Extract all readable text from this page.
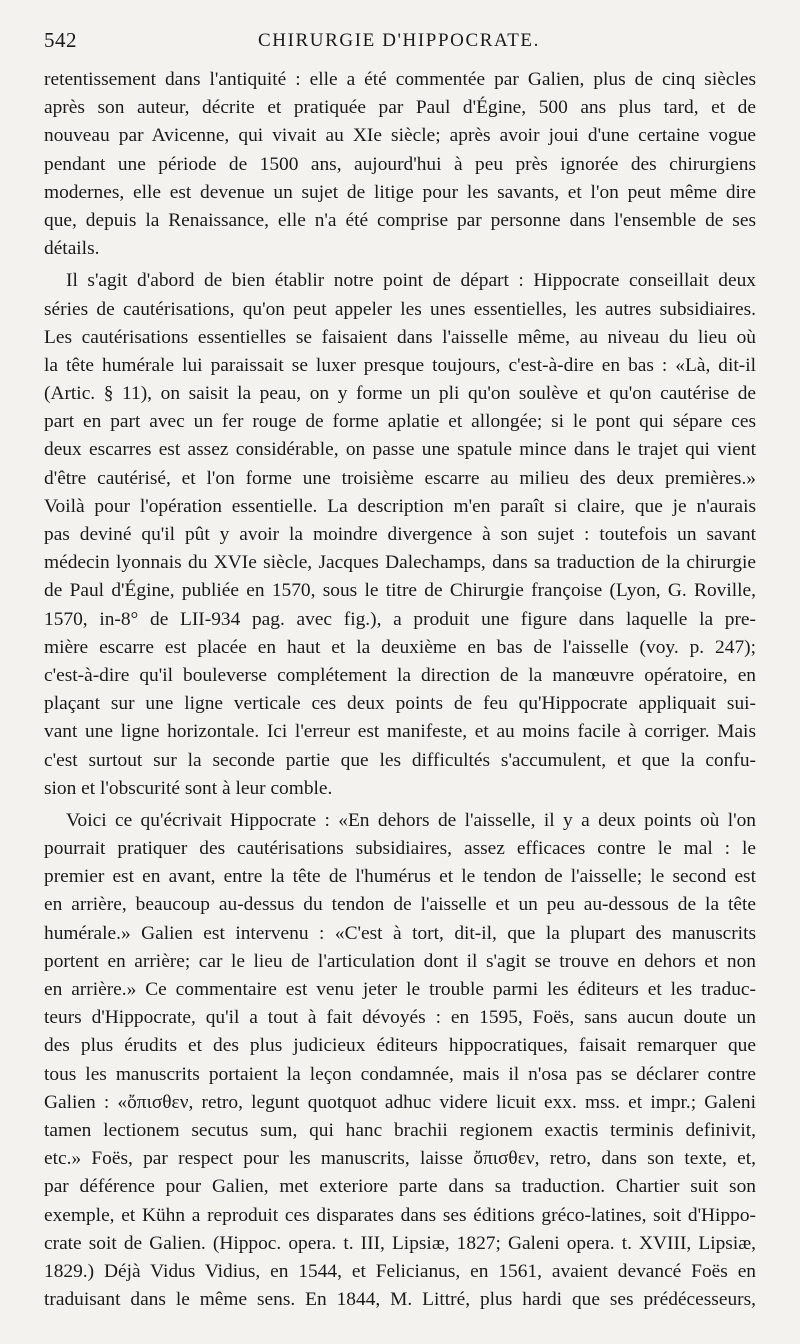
542	CHIRURGIE D'HIPPOCRATE.
retentissement dans l'antiquité : elle a été commentée par Galien, plus de cinq siècles
après son auteur, décrite et pratiquée par Paul d'Égine, 500 ans plus tard, et de
nouveau par Avicenne, qui vivait au XIe siècle; après avoir joui d'une certaine vogue
pendant une période de 1500 ans, aujourd'hui à peu près ignorée des chirurgiens
modernes, elle est devenue un sujet de litige pour les savants, et l'on peut même dire
que, depuis la Renaissance, elle n'a été comprise par personne dans l'ensemble de ses
détails.
Il s'agit d'abord de bien établir notre point de départ : Hippocrate conseillait deux
séries de cautérisations, qu'on peut appeler les unes essentielles, les autres subsidiaires.
Les cautérisations essentielles se faisaient dans l'aisselle même, au niveau du lieu où
la tête humérale lui paraissait se luxer presque toujours, c'est-à-dire en bas : «Là, dit-il
(Artic. § 11), on saisit la peau, on y forme un pli qu'on soulève et qu'on cautérise de
part en part avec un fer rouge de forme aplatie et allongée; si le pont qui sépare ces
deux escarres est assez considérable, on passe une spatule mince dans le trajet qui vient
d'être cautérisé, et l'on forme une troisième escarre au milieu des deux premières.»
Voilà pour l'opération essentielle. La description m'en paraît si claire, que je n'aurais
pas deviné qu'il pût y avoir la moindre divergence à son sujet : toutefois un savant
médecin lyonnais du XVIe siècle, Jacques Dalechamps, dans sa traduction de la chirurgie
de Paul d'Égine, publiée en 1570, sous le titre de Chirurgie françoise (Lyon, G. Roville,
1570, in-8° de LII-934 pag. avec fig.), a produit une figure dans laquelle la pre-
mière escarre est placée en haut et la deuxième en bas de l'aisselle (voy. p. 247);
c'est-à-dire qu'il bouleverse complétement la direction de la manœuvre opératoire, en
plaçant sur une ligne verticale ces deux points de feu qu'Hippocrate appliquait sui-
vant une ligne horizontale. Ici l'erreur est manifeste, et au moins facile à corriger. Mais
c'est surtout sur la seconde partie que les difficultés s'accumulent, et que la confu-
sion et l'obscurité sont à leur comble.
Voici ce qu'écrivait Hippocrate : «En dehors de l'aisselle, il y a deux points où l'on
pourrait pratiquer des cautérisations subsidiaires, assez efficaces contre le mal : le
premier est en avant, entre la tête de l'humérus et le tendon de l'aisselle; le second est
en arrière, beaucoup au-dessus du tendon de l'aisselle et un peu au-dessous de la tête
humérale.» Galien est intervenu : «C'est à tort, dit-il, que la plupart des manuscrits
portent en arrière; car le lieu de l'articulation dont il s'agit se trouve en dehors et non
en arrière.» Ce commentaire est venu jeter le trouble parmi les éditeurs et les traduc-
teurs d'Hippocrate, qu'il a tout à fait dévoyés : en 1595, Foës, sans aucun doute un
des plus érudits et des plus judicieux éditeurs hippocratiques, faisait remarquer que
tous les manuscrits portaient la leçon condamnée, mais il n'osa pas se déclarer contre
Galien : «ὄπισθεν, retro, legunt quotquot adhuc videre licuit exx. mss. et impr.; Galeni
tamen lectionem secutus sum, qui hanc brachii regionem exactis terminis definivit,
etc.» Foës, par respect pour les manuscrits, laisse ὄπισθεν, retro, dans son texte, et,
par déférence pour Galien, met exteriore parte dans sa traduction. Chartier suit son
exemple, et Kühn a reproduit ces disparates dans ses éditions gréco-latines, soit d'Hippo-
crate soit de Galien. (Hippoc. opera. t. III, Lipsiæ, 1827; Galeni opera. t. XVIII, Lipsiæ,
1829.) Déjà Vidus Vidius, en 1544, et Felicianus, en 1561, avaient devancé Foës en
traduisant dans le même sens. En 1844, M. Littré, plus hardi que ses prédécesseurs,
